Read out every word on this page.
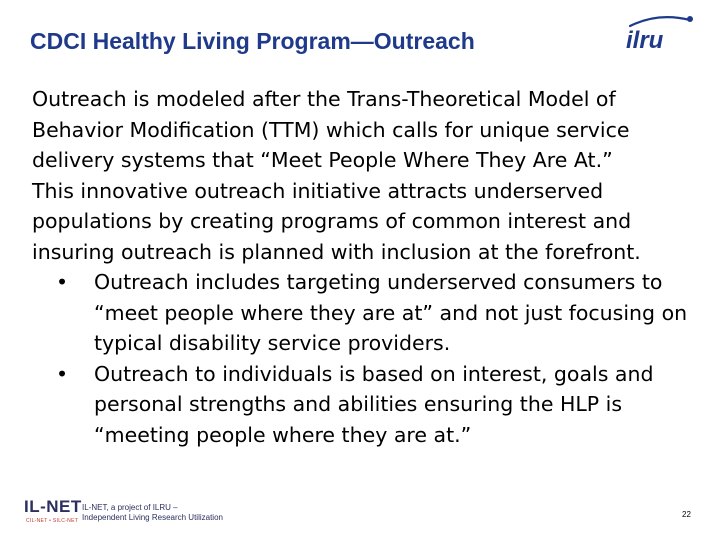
CDCI Healthy Living Program—Outreach	ilru

Outreach is modeled after the Trans-Theoretical Model of Behavior Modification (TTM) which calls for unique service delivery systems that “Meet People Where They Are At.”

This innovative outreach initiative attracts underserved populations by creating programs of common interest and insuring outreach is planned with inclusion at the forefront.

• Outreach includes targeting underserved consumers to “meet people where they are at” and not just focusing on typical disability service providers.
• Outreach to individuals is based on interest, goals and personal strengths and abilities ensuring the HLP is “meeting people where they are at.”
IL-NET
CIL-NET • SILC-NET
IL-NET, a project of ILRU –
Independent Living Research Utilization	22
